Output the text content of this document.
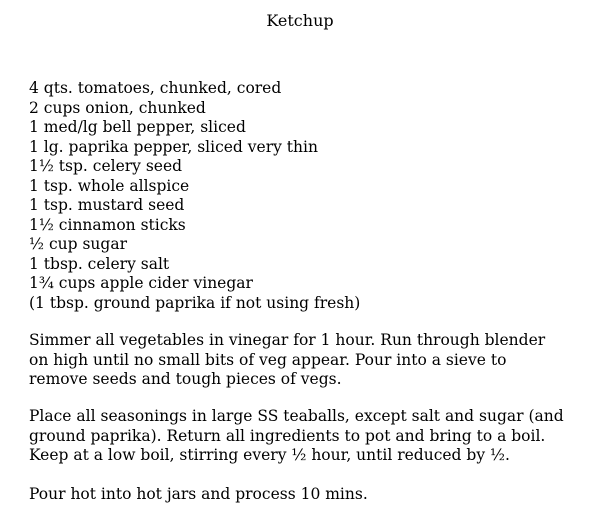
Ketchup
4 qts. tomatoes, chunked, cored
2 cups onion, chunked
1 med/lg bell pepper, sliced
1 lg. paprika pepper, sliced very thin
1½ tsp. celery seed
1 tsp. whole allspice
1 tsp. mustard seed
1½ cinnamon sticks
½ cup sugar
1 tbsp. celery salt
1¾ cups apple cider vinegar
(1 tbsp. ground paprika if not using fresh)

Simmer all vegetables in vinegar for 1 hour. Run through blender
on high until no small bits of veg appear. Pour into a sieve to
remove seeds and tough pieces of vegs.

Place all seasonings in large SS teaballs, except salt and sugar (and
ground paprika). Return all ingredients to pot and bring to a boil.
Keep at a low boil, stirring every ½ hour, until reduced by ½.

Pour hot into hot jars and process 10 mins.
